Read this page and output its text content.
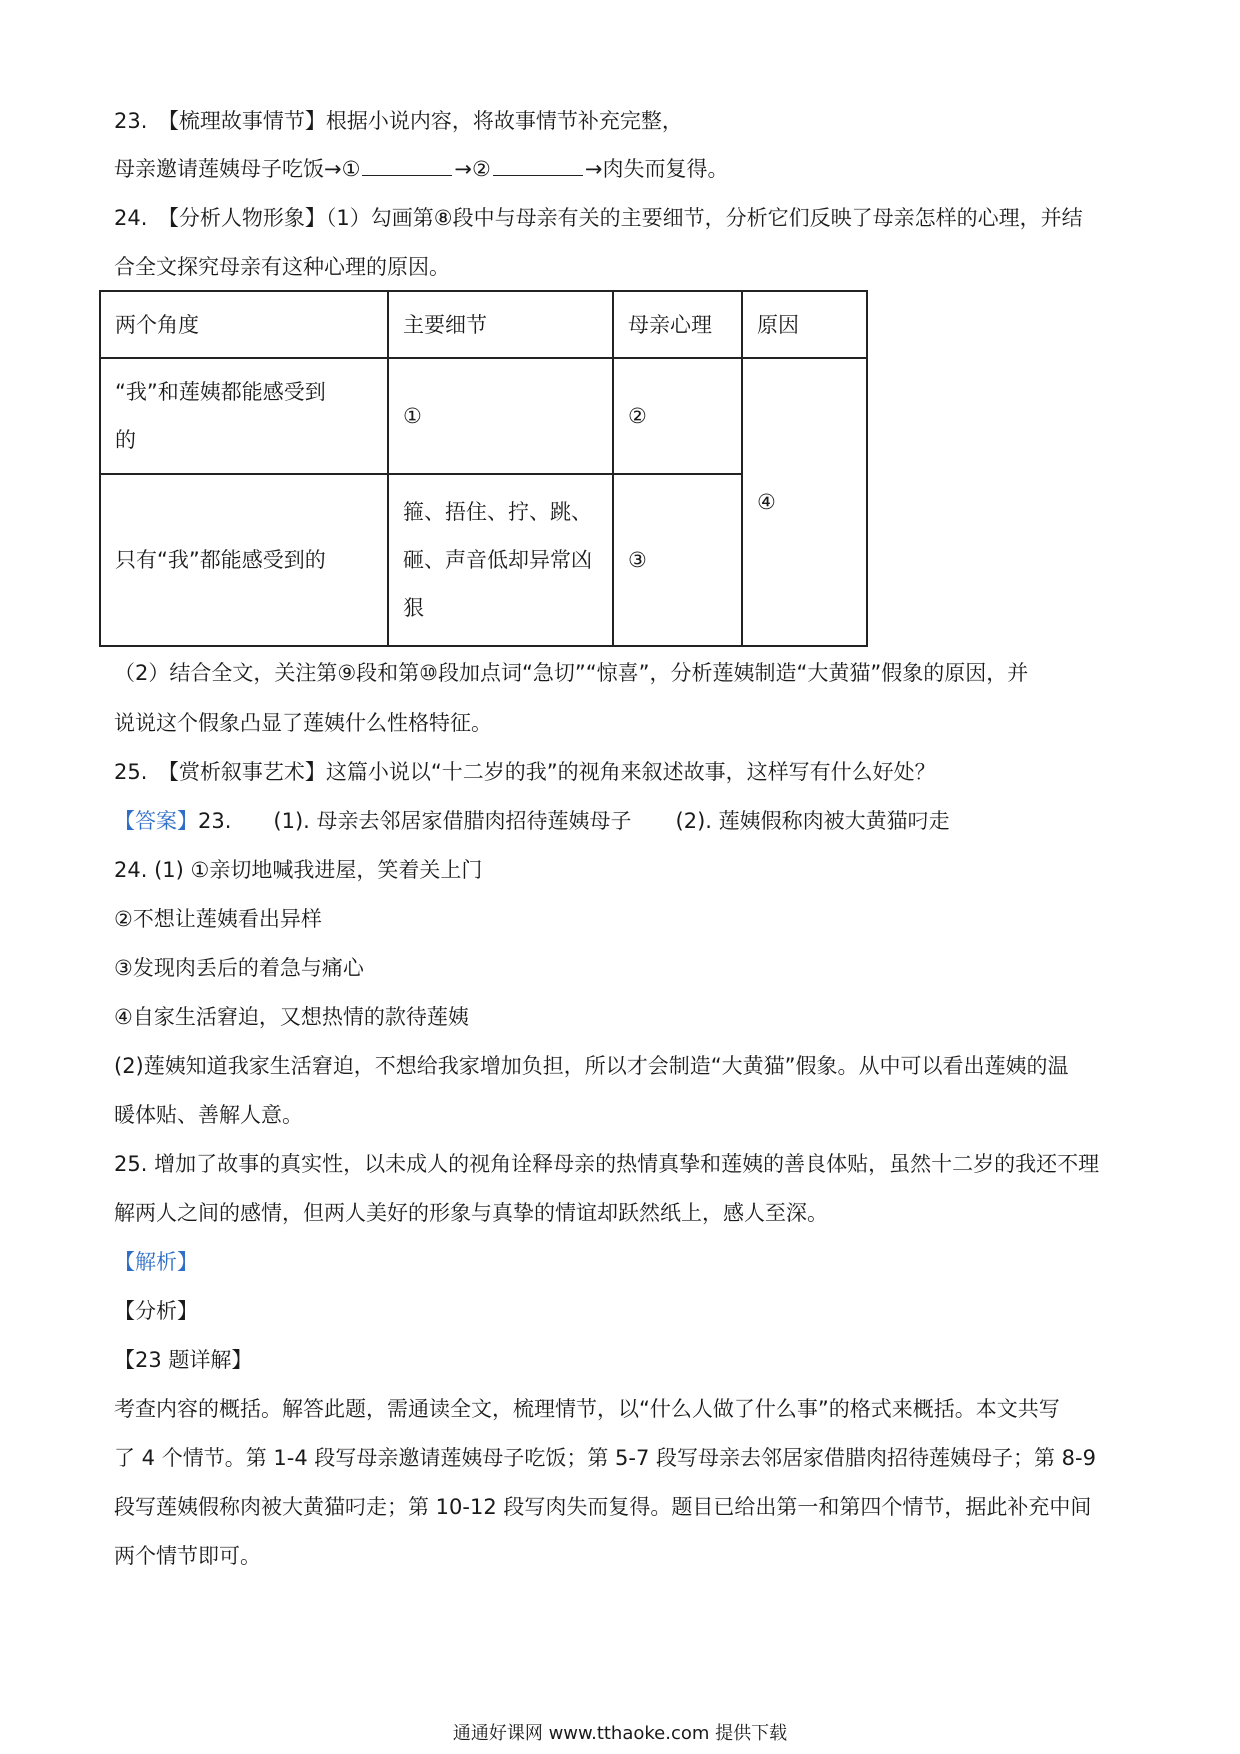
23.　【梳理故事情节】根据小说内容，将故事情节补充完整，
母亲邀请莲姨母子吃饭→①	→②	→肉失而复得。
24.　【分析人物形象】（1）勾画第⑧段中与母亲有关的主要细节，分析它们反映了母亲怎样的心理，并结
合全文探究母亲有这种心理的原因。
两个角度	主要细节	母亲心理	原因

“我”和莲姨都能感受到
的	①	②	④
只有“我”都能感受到的	箍、捂住、拧、跳、
砸、声音低却异常凶
狠	③	
（2）结合全文，关注第⑨段和第⑩段加点词“急切”“惊喜”，分析莲姨制造“大黄猫”假象的原因，并
说说这个假象凸显了莲姨什么性格特征。
25.　【赏析叙事艺术】这篇小说以“十二岁的我”的视角来叙述故事，这样写有什么好处？
【答案】23. (1). 母亲去邻居家借腊肉招待莲姨母子 (2). 莲姨假称肉被大黄猫叼走
24. (1) ①亲切地喊我进屋，笑着关上门
②不想让莲姨看出异样
③发现肉丢后的着急与痛心
④自家生活窘迫，又想热情的款待莲姨
(2)莲姨知道我家生活窘迫，不想给我家增加负担，所以才会制造“大黄猫”假象。从中可以看出莲姨的温
暖体贴、善解人意。
25. 增加了故事的真实性，以未成人的视角诠释母亲的热情真挚和莲姨的善良体贴，虽然十二岁的我还不理
解两人之间的感情，但两人美好的形象与真挚的情谊却跃然纸上，感人至深。
【解析】
【分析】
【23 题详解】
考查内容的概括。解答此题，需通读全文，梳理情节，以“什么人做了什么事”的格式来概括。本文共写
了 4 个情节。第 1-4 段写母亲邀请莲姨母子吃饭；第 5-7 段写母亲去邻居家借腊肉招待莲姨母子；第 8-9
段写莲姨假称肉被大黄猫叼走；第 10-12 段写肉失而复得。题目已给出第一和第四个情节，据此补充中间
两个情节即可。
通通好课网 www.tthaoke.com 提供下载
